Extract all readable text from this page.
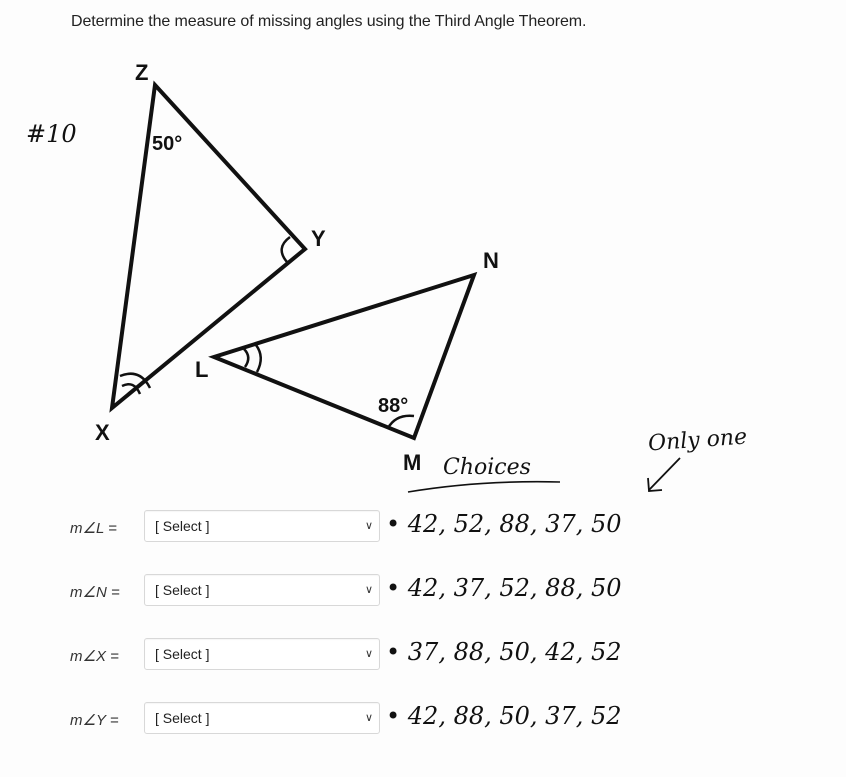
Determine the measure of missing angles using the Third Angle Theorem.
#10
Z
Y
X
N
L
M
50°
88°
Choices
Only one
m∠L =	[ Select ]	∨ • 42, 52, 88, 37, 50
m∠N =	[ Select ]	∨ • 42, 37, 52, 88, 50
m∠X =	[ Select ]	∨ • 37, 88, 50, 42, 52
m∠Y =	[ Select ]	∨ • 42, 88, 50, 37, 52
